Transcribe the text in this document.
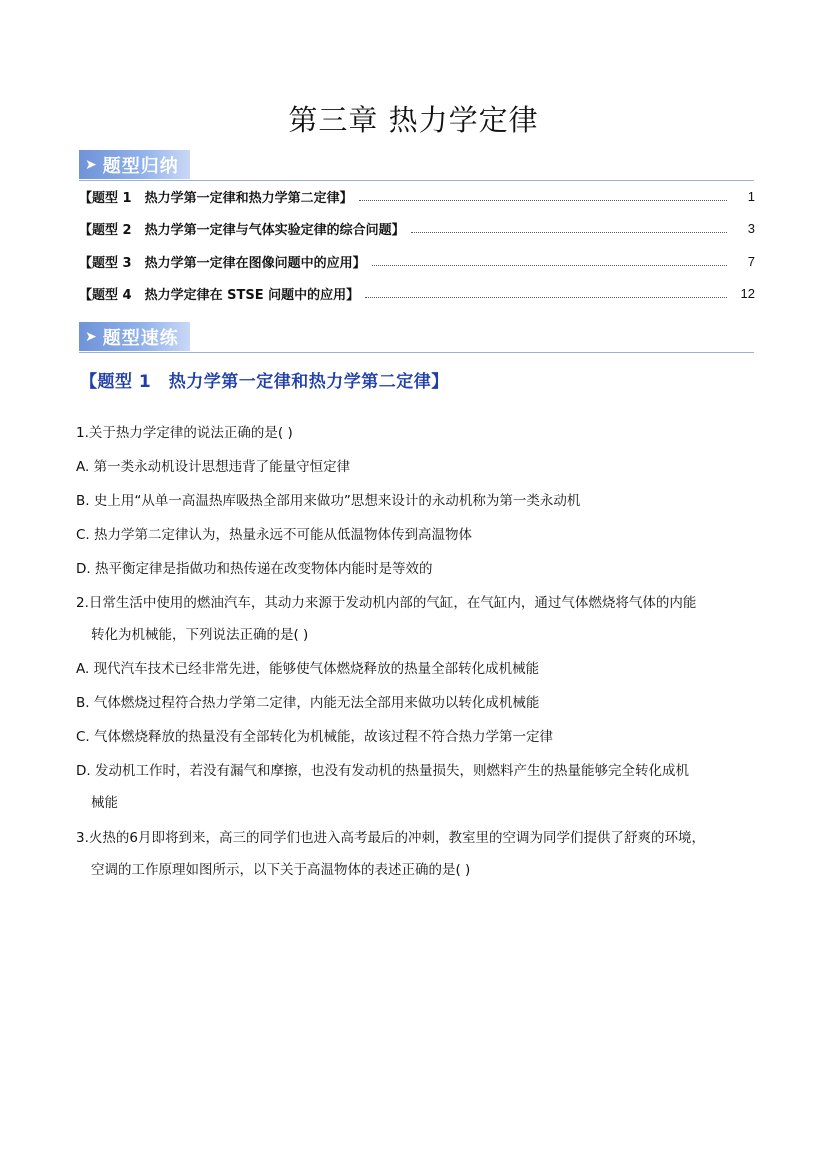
第三章 热力学定律
➤ 题型归纳
【题型 1　热力学第一定律和热力学第二定律】	1
【题型 2　热力学第一定律与气体实验定律的综合问题】	3
【题型 3　热力学第一定律在图像问题中的应用】	7
【题型 4　热力学定律在 STSE 问题中的应用】	12
➤ 题型速练
【题型 1　热力学第一定律和热力学第二定律】
1.关于热力学定律的说法正确的是( )
A. 第一类永动机设计思想违背了能量守恒定律
B. 史上用“从单一高温热库吸热全部用来做功”思想来设计的永动机称为第一类永动机
C. 热力学第二定律认为，热量永远不可能从低温物体传到高温物体
D. 热平衡定律是指做功和热传递在改变物体内能时是等效的
2.日常生活中使用的燃油汽车，其动力来源于发动机内部的气缸，在气缸内，通过气体燃烧将气体的内能
转化为机械能，下列说法正确的是( )
A. 现代汽车技术已经非常先进，能够使气体燃烧释放的热量全部转化成机械能
B. 气体燃烧过程符合热力学第二定律，内能无法全部用来做功以转化成机械能
C. 气体燃烧释放的热量没有全部转化为机械能，故该过程不符合热力学第一定律
D. 发动机工作时，若没有漏气和摩擦，也没有发动机的热量损失，则燃料产生的热量能够完全转化成机
械能
3.火热的6月即将到来，高三的同学们也进入高考最后的冲刺，教室里的空调为同学们提供了舒爽的环境，
空调的工作原理如图所示，以下关于高温物体的表述正确的是( )
